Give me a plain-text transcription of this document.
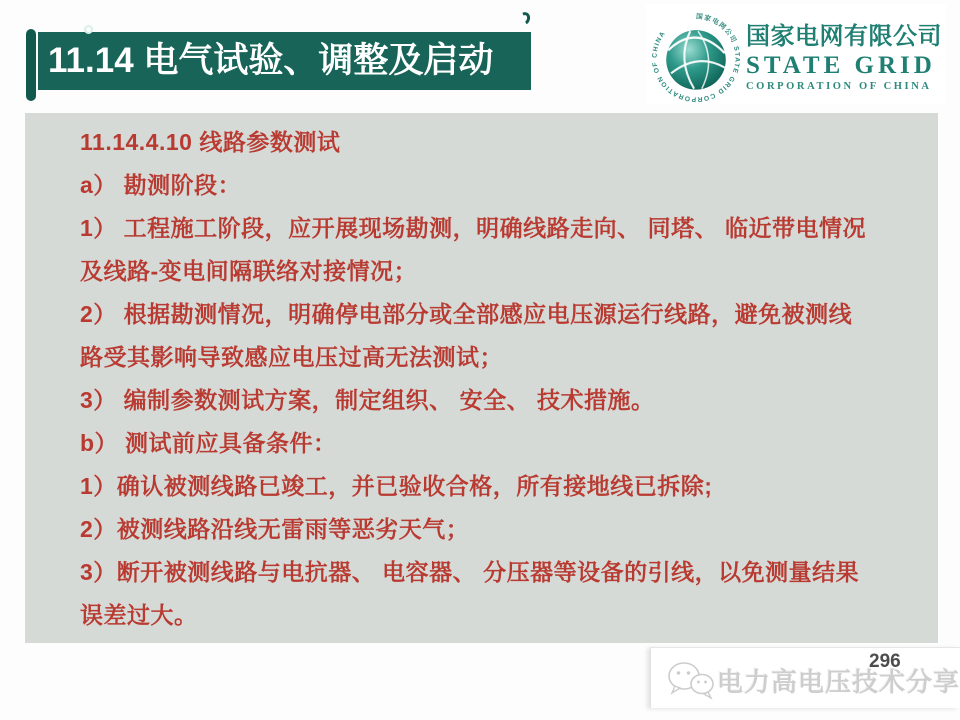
11.14 电气试验、调整及启动
国家电网公司 STATE GRID CORPORATION OF CHINA	国家电网有限公司
STATE GRID
CORPORATION OF CHINA
11.14.4.10 线路参数测试
a） 勘测阶段：
1） 工程施工阶段，应开展现场勘测，明确线路走向、 同塔、 临近带电情况
及线路-变电间隔联络对接情况；
2） 根据勘测情况，明确停电部分或全部感应电压源运行线路，避免被测线
路受其影响导致感应电压过高无法测试；
3） 编制参数测试方案，制定组织、 安全、 技术措施。
b） 测试前应具备条件：
1）确认被测线路已竣工，并已验收合格，所有接地线已拆除;
2）被测线路沿线无雷雨等恶劣天气；
3）断开被测线路与电抗器、 电容器、 分压器等设备的引线，以免测量结果
误差过大。
296
电力高电压技术分享
